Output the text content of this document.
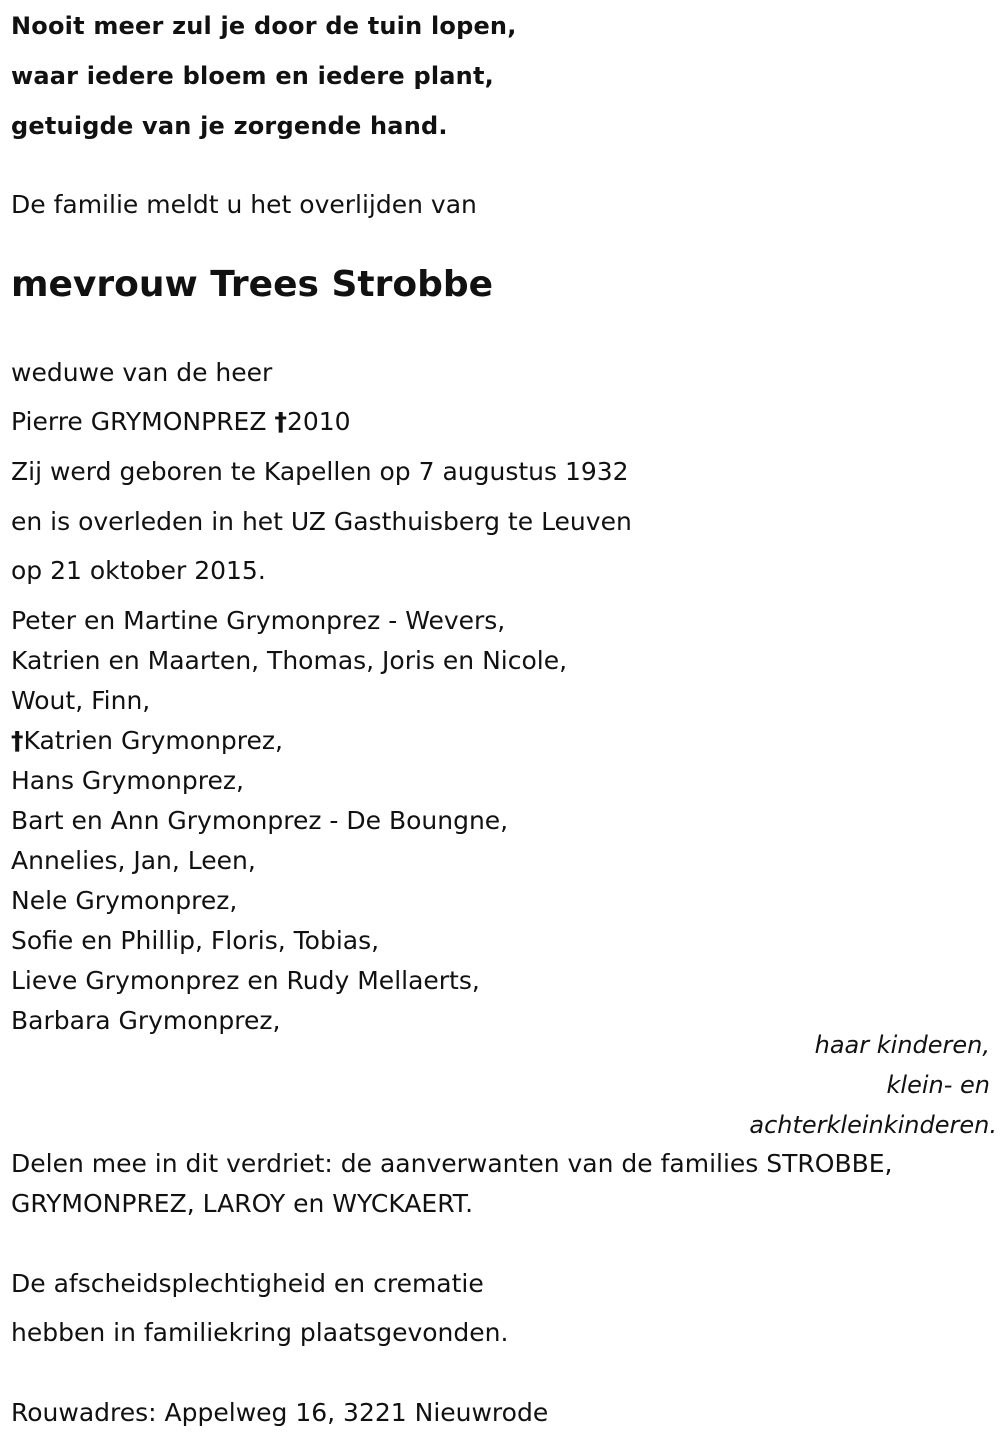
Nooit meer zul je door de tuin lopen,
waar iedere bloem en iedere plant,
getuigde van je zorgende hand.
De familie meldt u het overlijden van
mevrouw Trees Strobbe
weduwe van de heer
Pierre GRYMONPREZ †2010
Zij werd geboren te Kapellen op 7 augustus 1932
en is overleden in het UZ Gasthuisberg te Leuven
op 21 oktober 2015.
Peter en Martine Grymonprez - Wevers,
Katrien en Maarten, Thomas, Joris en Nicole,
Wout, Finn,
†Katrien Grymonprez,
Hans Grymonprez,
Bart en Ann Grymonprez - De Boungne,
Annelies, Jan, Leen,
Nele Grymonprez,
Sofie en Phillip, Floris, Tobias,
Lieve Grymonprez en Rudy Mellaerts,
Barbara Grymonprez,
haar kinderen,
klein- en
achterkleinkinderen.
Delen mee in dit verdriet: de aanverwanten van de families STROBBE,
GRYMONPREZ, LAROY en WYCKAERT.
De afscheidsplechtigheid en crematie
hebben in familiekring plaatsgevonden.
Rouwadres: Appelweg 16, 3221 Nieuwrode
